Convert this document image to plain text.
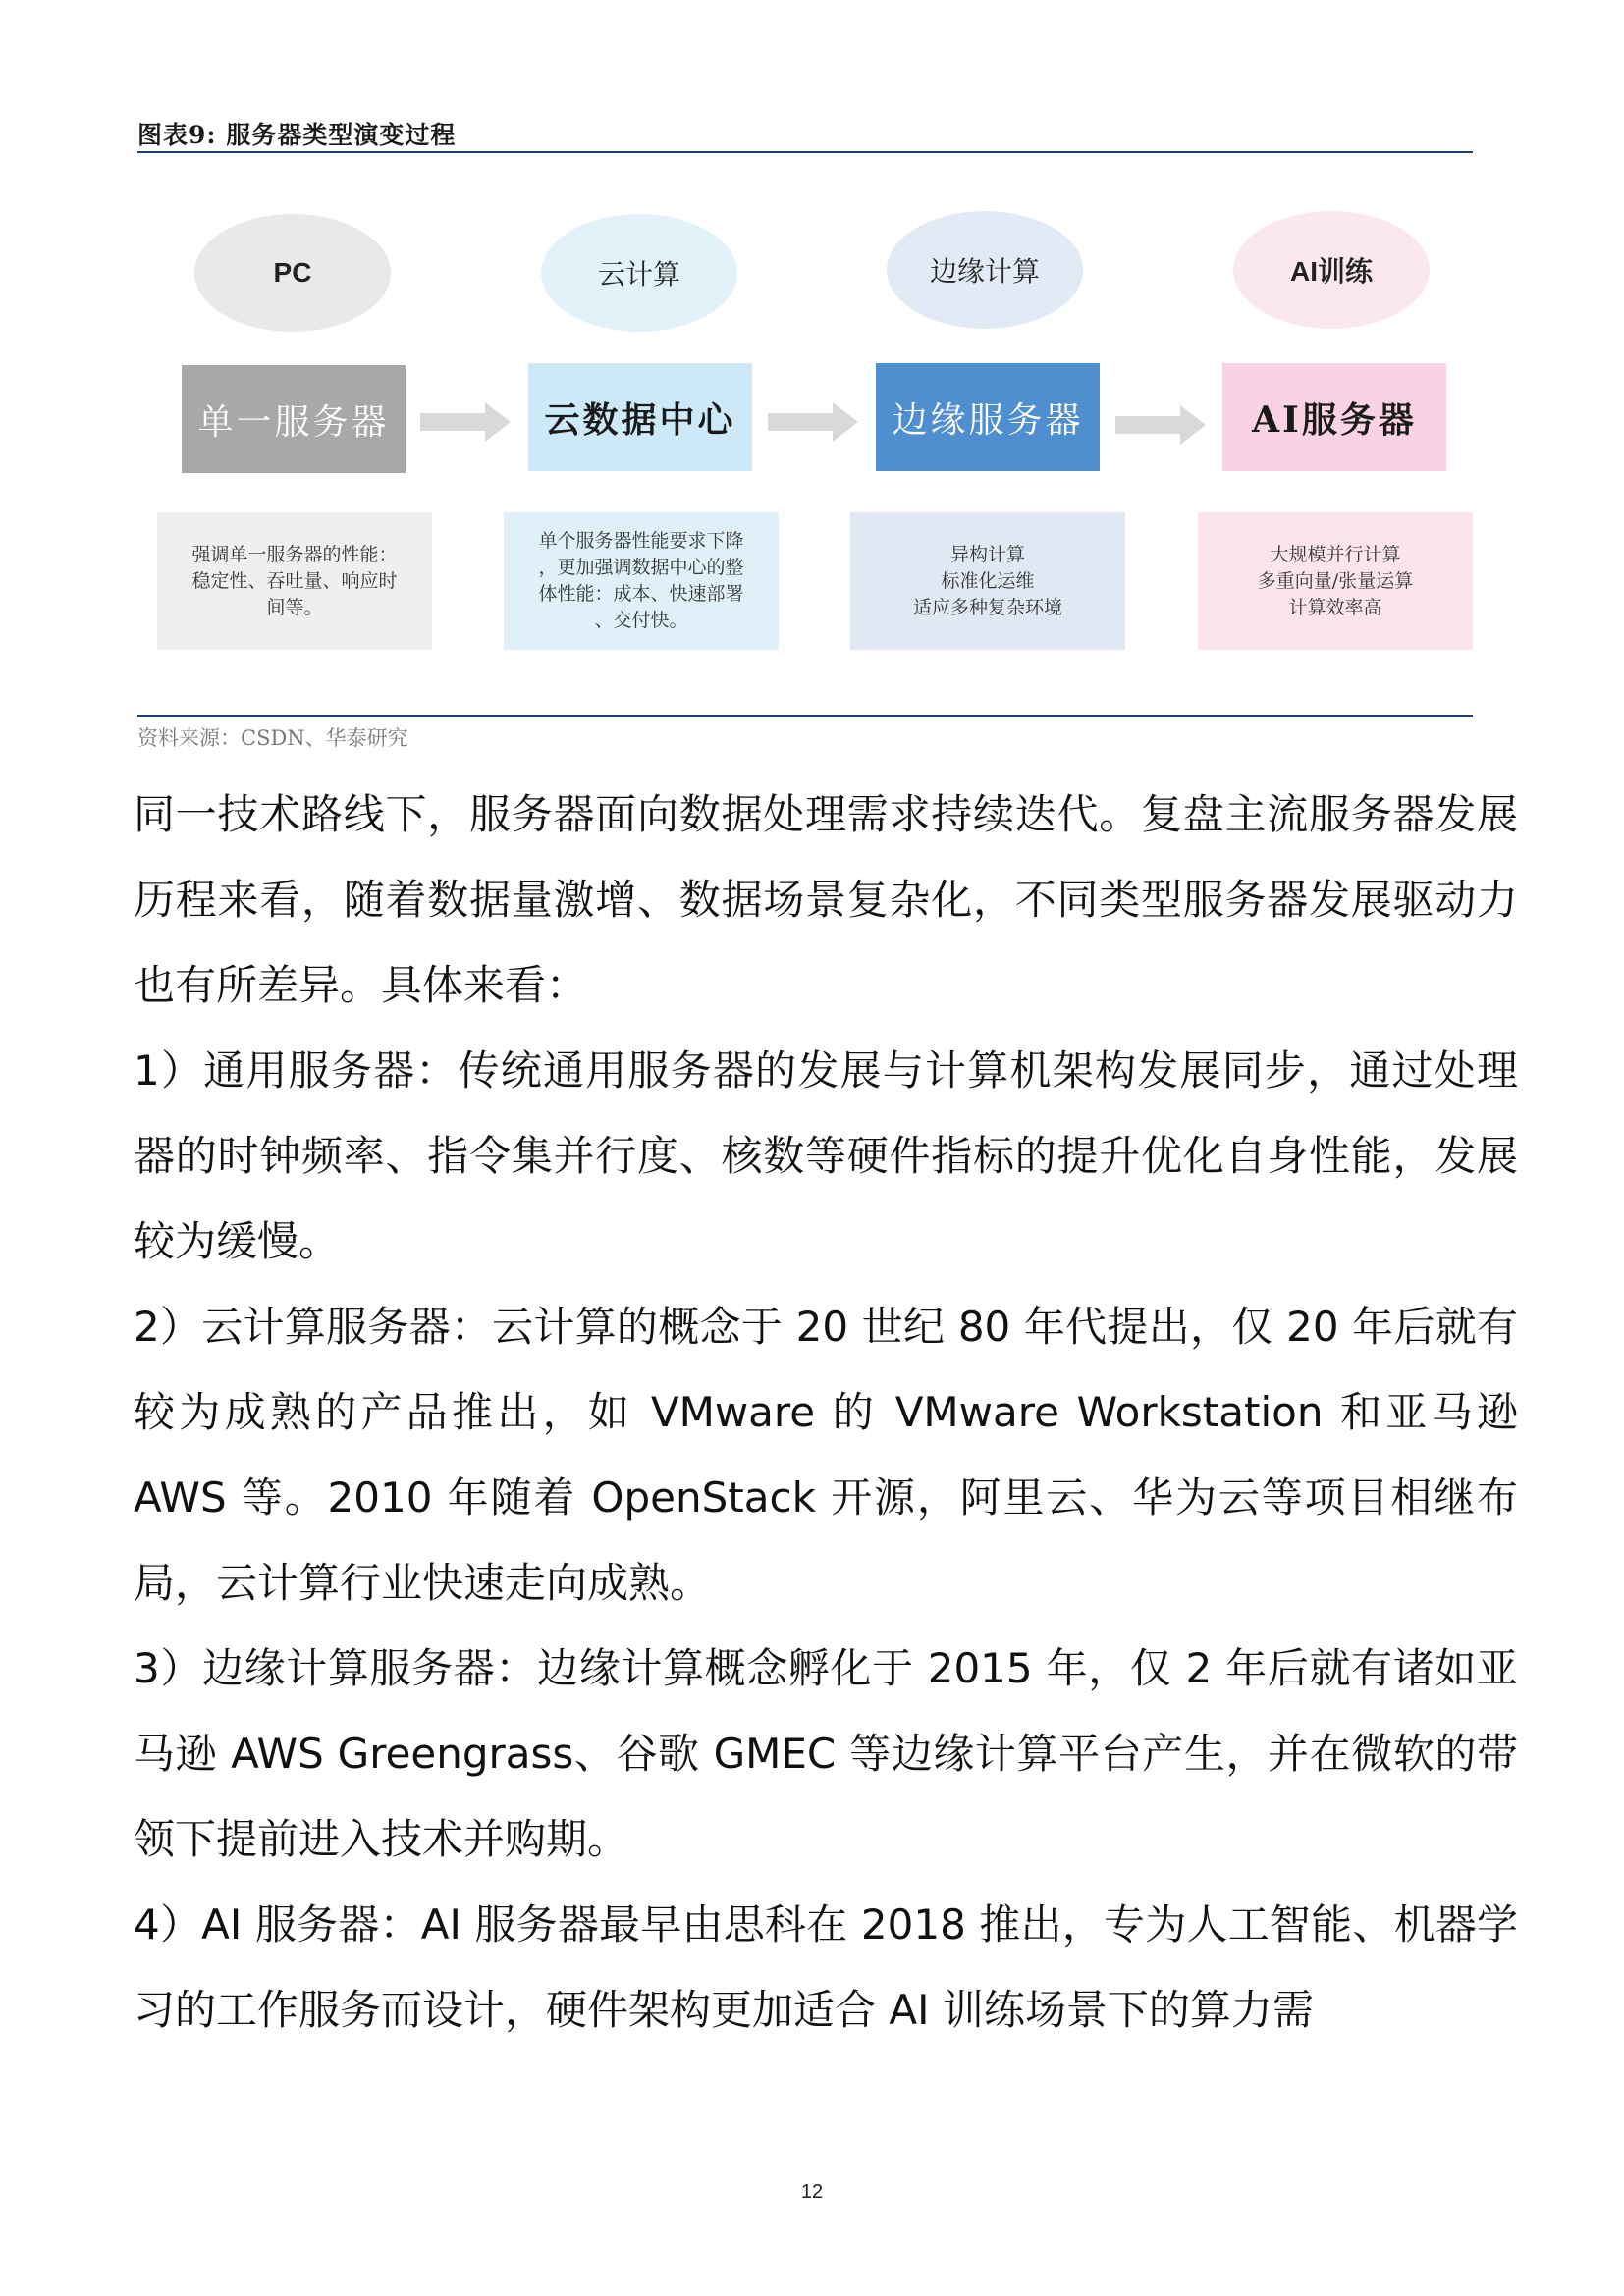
图表9: 服务器类型演变过程
PC	云计算	边缘计算	AI训练
单一服务器	云数据中心	边缘服务器	AI服务器
强调单一服务器的性能：
稳定性、吞吐量、响应时
间等。
单个服务器性能要求下降
，更加强调数据中心的整
体性能：成本、快速部署
、交付快。
异构计算
标准化运维
适应多种复杂环境
大规模并行计算
多重向量/张量运算
计算效率高
资料来源：CSDN、华泰研究

同一技术路线下，服务器面向数据处理需求持续迭代。复盘主流服务器发展历程来看，随着数据量激增、数据场景复杂化，不同类型服务器发展驱动力也有所差异。具体来看：

1）通用服务器：传统通用服务器的发展与计算机架构发展同步，通过处理器的时钟频率、指令集并行度、核数等硬件指标的提升优化自身性能，发展较为缓慢。

2）云计算服务器：云计算的概念于 20 世纪 80 年代提出，仅 20 年后就有较为成熟的产品推出，如 VMware 的 VMware Workstation 和亚马逊 AWS 等。2010 年随着 OpenStack 开源，阿里云、华为云等项目相继布局，云计算行业快速走向成熟。

3）边缘计算服务器：边缘计算概念孵化于 2015 年，仅 2 年后就有诸如亚马逊 AWS Greengrass、谷歌 GMEC 等边缘计算平台产生，并在微软的带领下提前进入技术并购期。

4）AI 服务器：AI 服务器最早由思科在 2018 推出，专为人工智能、机器学习的工作服务而设计，硬件架构更加适合 AI 训练场景下的算力需

12
